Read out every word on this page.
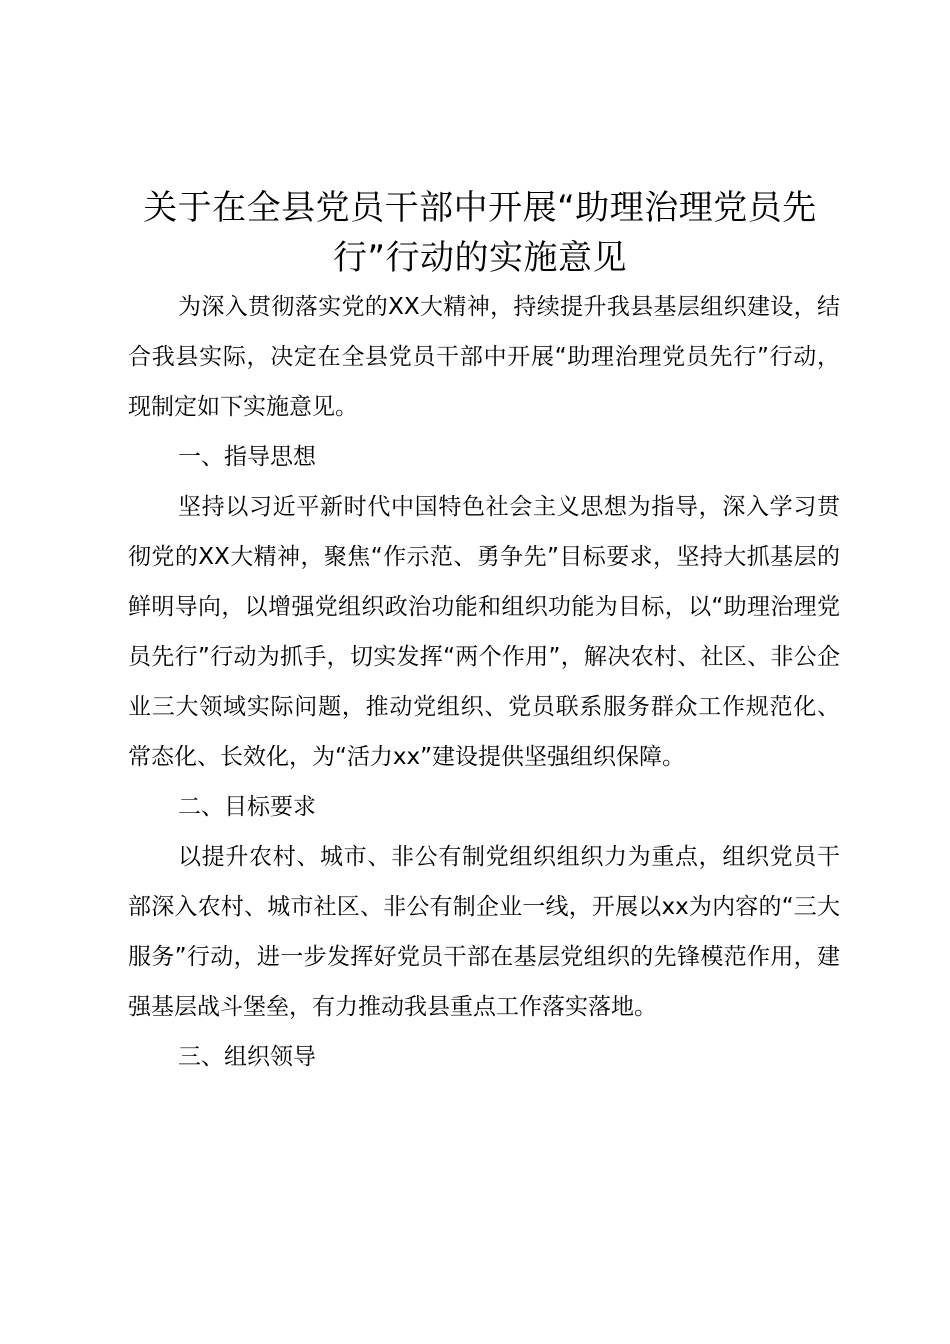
关于在全县党员干部中开展“助理治理党员先行”行动的实施意见

为深入贯彻落实党的XX大精神，持续提升我县基层组织建设，结合我县实际，决定在全县党员干部中开展“助理治理党员先行”行动，现制定如下实施意见。

一、指导思想

坚持以习近平新时代中国特色社会主义思想为指导，深入学习贯彻党的XX大精神，聚焦“作示范、勇争先”目标要求，坚持大抓基层的鲜明导向，以增强党组织政治功能和组织功能为目标，以“助理治理党员先行”行动为抓手，切实发挥“两个作用”，解决农村、社区、非公企业三大领域实际问题，推动党组织、党员联系服务群众工作规范化、常态化、长效化，为“活力xx”建设提供坚强组织保障。

二、目标要求

以提升农村、城市、非公有制党组织组织力为重点，组织党员干部深入农村、城市社区、非公有制企业一线，开展以xx为内容的“三大服务”行动，进一步发挥好党员干部在基层党组织的先锋模范作用，建强基层战斗堡垒，有力推动我县重点工作落实落地。

三、组织领导
